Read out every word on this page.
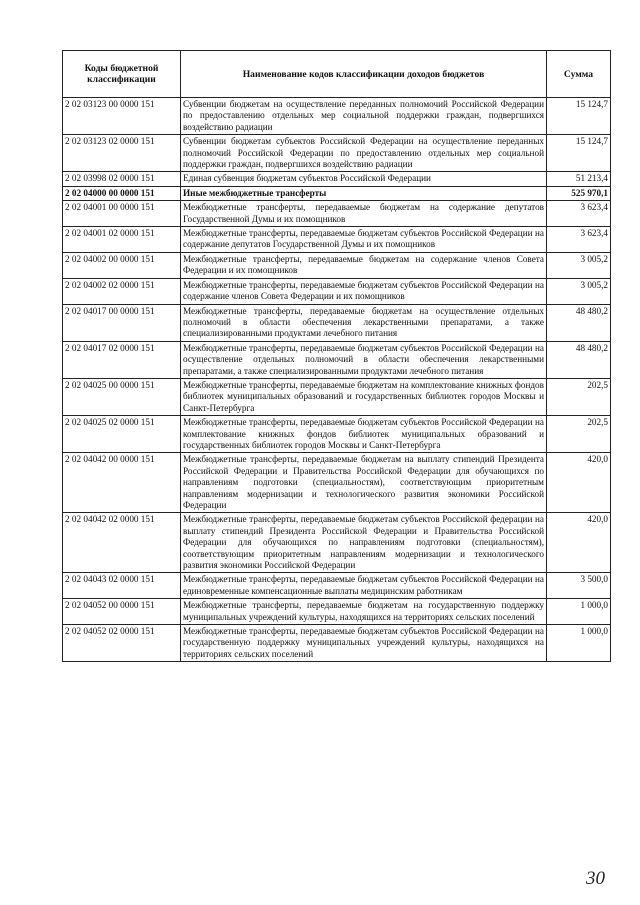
Коды бюджетной классификации	Наименование кодов классификации доходов бюджетов	Сумма
2 02 03123 00 0000 151	Субвенции бюджетам на осуществление переданных полномочий Российской Федерации по предоставлению отдельных мер социальной поддержки граждан, подвергшихся воздействию радиации	15 124,7
2 02 03123 02 0000 151	Субвенции бюджетам субъектов Российской Федерации на осуществление переданных полномочий Российской Федерации по предоставлению отдельных мер социальной поддержки граждан, подвергшихся воздействию радиации	15 124,7
2 02 03998 02 0000 151	Единая субвенция бюджетам субъектов Российской Федерации	51 213,4
2 02 04000 00 0000 151	Иные межбюджетные трансферты	525 970,1
2 02 04001 00 0000 151	Межбюджетные трансферты, передаваемые бюджетам на содержание депутатов Государственной Думы и их помощников	3 623,4
2 02 04001 02 0000 151	Межбюджетные трансферты, передаваемые бюджетам субъектов Российской Федерации на содержание депутатов Государственной Думы и их помощников	3 623,4
2 02 04002 00 0000 151	Межбюджетные трансферты, передаваемые бюджетам на содержание членов Совета Федерации и их помощников	3 005,2
2 02 04002 02 0000 151	Межбюджетные трансферты, передаваемые бюджетам субъектов Российской Федерации на содержание членов Совета Федерации и их помощников	3 005,2
2 02 04017 00 0000 151	Межбюджетные трансферты, передаваемые бюджетам на осуществление отдельных полномочий в области обеспечения лекарственными препаратами, а также специализированными продуктами лечебного питания	48 480,2
2 02 04017 02 0000 151	Межбюджетные трансферты, передаваемые бюджетам субъектов Российской Федерации на осуществление отдельных полномочий в области обеспечения лекарственными препаратами, а также специализированными продуктами лечебного питания	48 480,2
2 02 04025 00 0000 151	Межбюджетные трансферты, передаваемые бюджетам на комплектование книжных фондов библиотек муниципальных образований и государственных библиотек городов Москвы и Санкт-Петербурга	202,5
2 02 04025 02 0000 151	Межбюджетные трансферты, передаваемые бюджетам субъектов Российской Федерации на комплектование книжных фондов библиотек муниципальных образований и государственных библиотек городов Москвы и Санкт-Петербурга	202,5
2 02 04042 00 0000 151	Межбюджетные трансферты, передаваемые бюджетам на выплату стипендий Президента Российской Федерации и Правительства Российской Федерации для обучающихся по направлениям подготовки (специальностям), соответствующим приоритетным направлениям модернизации и технологического развития экономики Российской Федерации	420,0
2 02 04042 02 0000 151	Межбюджетные трансферты, передаваемые бюджетам субъектов Российской федерации на выплату стипендий Президента Российской Федерации и Правительства Российской Федерации для обучающихся по направлениям подготовки (специальностям), соответствующим приоритетным направлениям модернизации и технологического развития экономики Российской Федерации	420,0
2 02 04043 02 0000 151	Межбюджетные трансферты, передаваемые бюджетам субъектов Российской Федерации на единовременные компенсационные выплаты медицинским работникам	3 500,0
2 02 04052 00 0000 151	Межбюджетные трансферты, передаваемые бюджетам на государственную поддержку муниципальных учреждений культуры, находящихся на территориях сельских поселений	1 000,0
2 02 04052 02 0000 151	Межбюджетные трансферты, передаваемые бюджетам субъектов Российской Федерации на государственную поддержку муниципальных учреждений культуры, находящихся на территориях сельских поселений	1 000,0
30
